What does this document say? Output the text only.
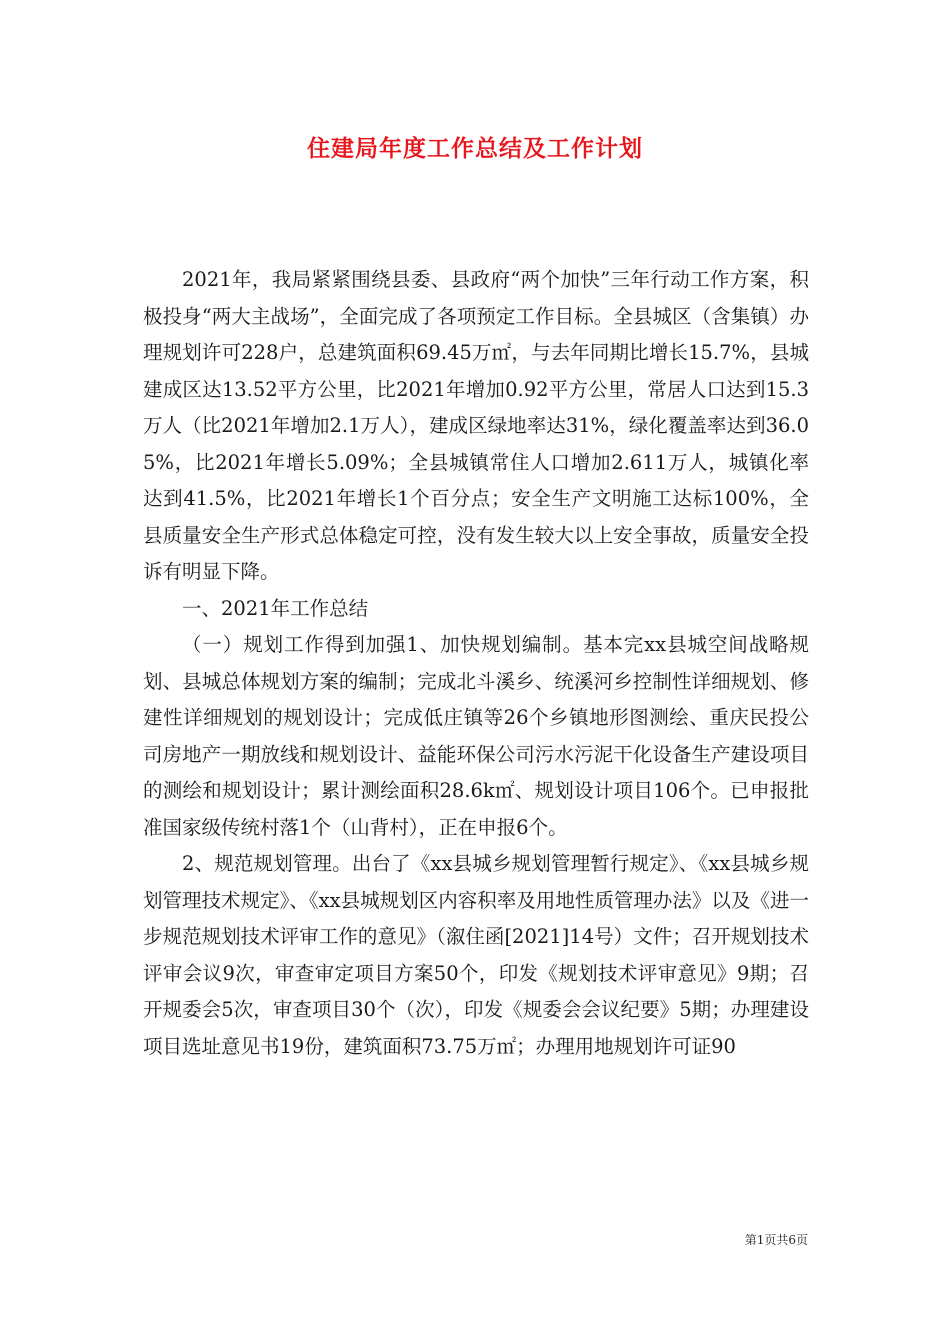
住建局年度工作总结及工作计划

2021年，我局紧紧围绕县委、县政府“两个加快”三年行动工作方案，积极投身“两大主战场”，全面完成了各项预定工作目标。全县城区（含集镇）办理规划许可228户，总建筑面积69.45万㎡，与去年同期比增长15.7%，县城建成区达13.52平方公里，比2021年增加0.92平方公里，常居人口达到15.3万人（比2021年增加2.1万人），建成区绿地率达31%，绿化覆盖率达到36.05%，比2021年增长5.09%；全县城镇常住人口增加2.611万人，城镇化率达到41.5%，比2021年增长1个百分点；安全生产文明施工达标100%，全县质量安全生产形式总体稳定可控，没有发生较大以上安全事故，质量安全投诉有明显下降。

一、2021年工作总结

（一）规划工作得到加强1、加快规划编制。基本完xx县城空间战略规划、县城总体规划方案的编制；完成北斗溪乡、统溪河乡控制性详细规划、修建性详细规划的规划设计；完成低庄镇等26个乡镇地形图测绘、重庆民投公司房地产一期放线和规划设计、益能环保公司污水污泥干化设备生产建设项目的测绘和规划设计；累计测绘面积28.6k㎡、规划设计项目106个。已申报批准国家级传统村落1个（山背村），正在申报6个。

2、规范规划管理。出台了《xx县城乡规划管理暂行规定》、《xx县城乡规划管理技术规定》、《xx县城规划区内容积率及用地性质管理办法》以及《进一步规范规划技术评审工作的意见》（溆住函[2021]14号）文件；召开规划技术评审会议9次，审查审定项目方案50个，印发《规划技术评审意见》9期；召开规委会5次，审查项目30个（次），印发《规委会会议纪要》5期；办理建设项目选址意见书19份，建筑面积73.75万㎡；办理用地规划许可证90

第1页共6页
